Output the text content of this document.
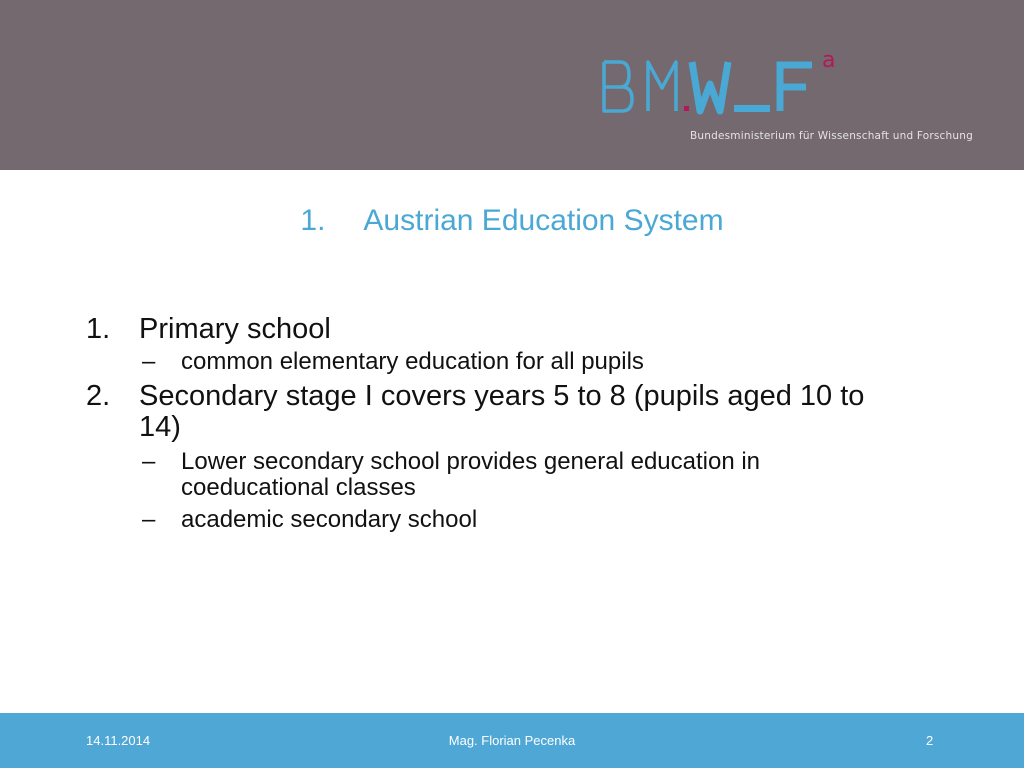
a
Bundesministerium für Wissenschaft und Forschung
1. Austrian Education System
1. Primary school
– common elementary education for all pupils
2. Secondary stage I covers years 5 to 8 (pupils aged 10 to 14)
– Lower secondary school provides general education in coeducational classes
– academic secondary school
14.11.2014	Mag. Florian Pecenka	2
